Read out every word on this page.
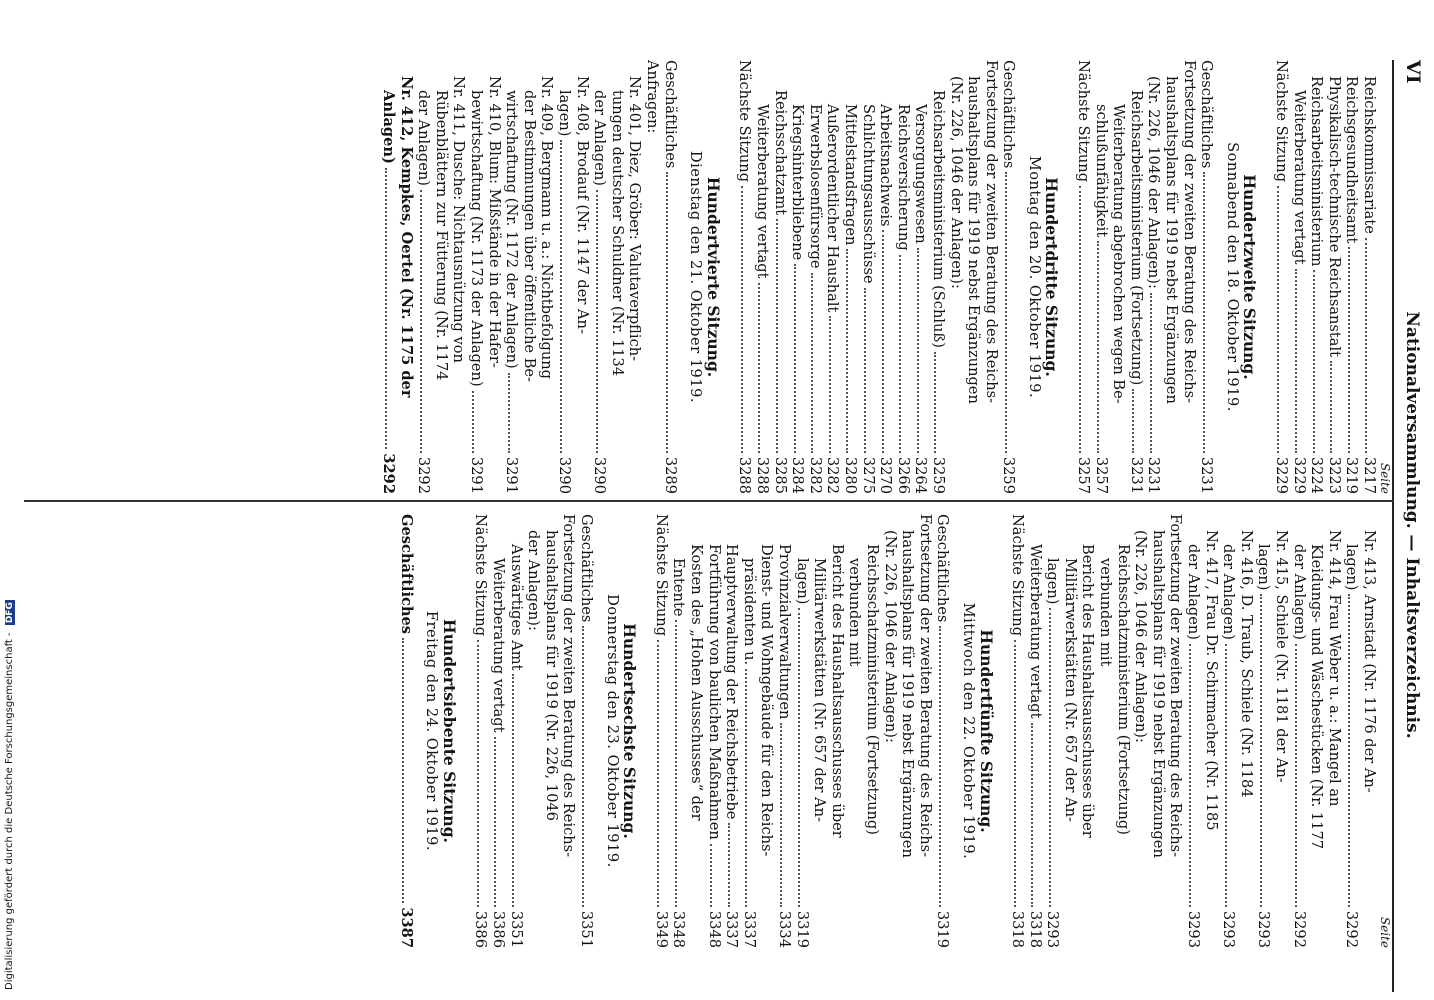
VI
Nationalversammlung. — Inhaltsverzeichnis.
Seite
Reichskommissariate
3217
Reichsgesundheitsamt
3219
Physikalisch-technische Reichsanstalt
3223
Reichsarbeitsministerium
3224
Weiterberatung vertagt
3229
Nächste Sitzung
3229
Hundertzweite Sitzung.
Sonnabend den 18. Oktober 1919.
Geschäftliches
3231
Fortsetzung der zweiten Beratung des Reichs-
haushaltsplans für 1919 nebst Ergänzungen
(Nr. 226, 1046 der Anlagen):
3231
Reichsarbeitsministerium (Fortsetzung)
3231
Weiterberatung abgebrochen wegen Be-
schlußunfähigkeit
3257
Nächste Sitzung
3257
Hundertdritte Sitzung.
Montag den 20. Oktober 1919.
Geschäftliches
3259
Fortsetzung der zweiten Beratung des Reichs-
haushaltsplans für 1919 nebst Ergänzungen
(Nr. 226, 1046 der Anlagen):
Reichsarbeitsministerium (Schluß)
3259
Versorgungswesen
3264
Reichsversicherung
3266
Arbeitsnachweis
3270
Schlichtungsausschüsse
3275
Mittelstandsfragen
3280
Außerordentlicher Haushalt
3282
Erwerbslosenfürsorge
3282
Kriegshinterbliebene
3284
Reichsschatzamt
3285
Weiterberatung vertagt
3288
Nächste Sitzung
3288
Hundertvierte Sitzung.
Dienstag den 21. Oktober 1919.
Geschäftliches
3289
Anfragen:
Nr. 401, Diez, Gröber: Valutaverpflich-
tungen deutscher Schuldner (Nr. 1134
der Anlagen)
3290
Nr. 408, Brodauf (Nr. 1147 der An-
lagen)
3290
Nr. 409, Bergmann u. a.: Nichtbefolgung
der Bestimmungen über öffentliche Be-
wirtschaftung (Nr. 1172 der Anlagen)
3291
Nr. 410, Blum: Mißstände in der Hafer-
bewirtschaftung (Nr. 1173 der Anlagen)
3291
Nr. 411, Dusche: Nichtausnützung von
Rübenblättern zur Fütterung (Nr. 1174
der Anlagen)
3292
Nr. 412, Kempkes, Oertel (Nr. 1175 der
Anlagen)
3292
Seite
Nr. 413, Arnstadt (Nr. 1176 der An-
lagen)
3292
Nr. 414, Frau Weber u. a.: Mangel an
Kleidungs- und Wäschestücken (Nr. 1177
der Anlagen)
3292
Nr. 415, Schiele (Nr. 1181 der An-
lagen)
3293
Nr. 416, D. Traub, Schiele (Nr. 1184
der Anlagen)
3293
Nr. 417, Frau Dr. Schirmacher (Nr. 1185
der Anlagen)
3293
Fortsetzung der zweiten Beratung des Reichs-
haushaltsplans für 1919 nebst Ergänzungen
(Nr. 226, 1046 der Anlagen):
Reichsschatzministerium (Fortsetzung)
verbunden mit
Bericht des Haushaltsausschusses über
Militärwerkstätten (Nr. 657 der An-
lagen)
3293
Weiterberatung vertagt
3318
Nächste Sitzung
3318
Hundertfünfte Sitzung.
Mittwoch den 22. Oktober 1919.
Geschäftliches
3319
Fortsetzung der zweiten Beratung des Reichs-
haushaltsplans für 1919 nebst Ergänzungen
(Nr. 226, 1046 der Anlagen):
Reichsschatzministerium (Fortsetzung)
verbunden mit
Bericht des Haushaltsausschusses über
Militärwerkstätten (Nr. 657 der An-
lagen)
3319
Provinzialverwaltungen
3334
Dienst- und Wohngebäude für den Reichs-
präsidenten u.
3337
Hauptverwaltung der Reichsbetriebe
3337
Fortführung von baulichen Maßnahmen
3348
Kosten des „Hohen Ausschusses“ der
Entente
3348
Nächste Sitzung
3349
Hundertsechste Sitzung.
Donnerstag den 23. Oktober 1919.
Geschäftliches
3351
Fortsetzung der zweiten Beratung des Reichs-
haushaltsplans für 1919 (Nr. 226, 1046
der Anlagen):
Auswärtiges Amt
3351
Weiterberatung vertagt
3386
Nächste Sitzung
3386
Hundertsiebente Sitzung.
Freitag den 24. Oktober 1919.
Geschäftliches
3387
Digitalisierung gefördert durch die Deutsche Forschungsgemeinschaft - DFG
